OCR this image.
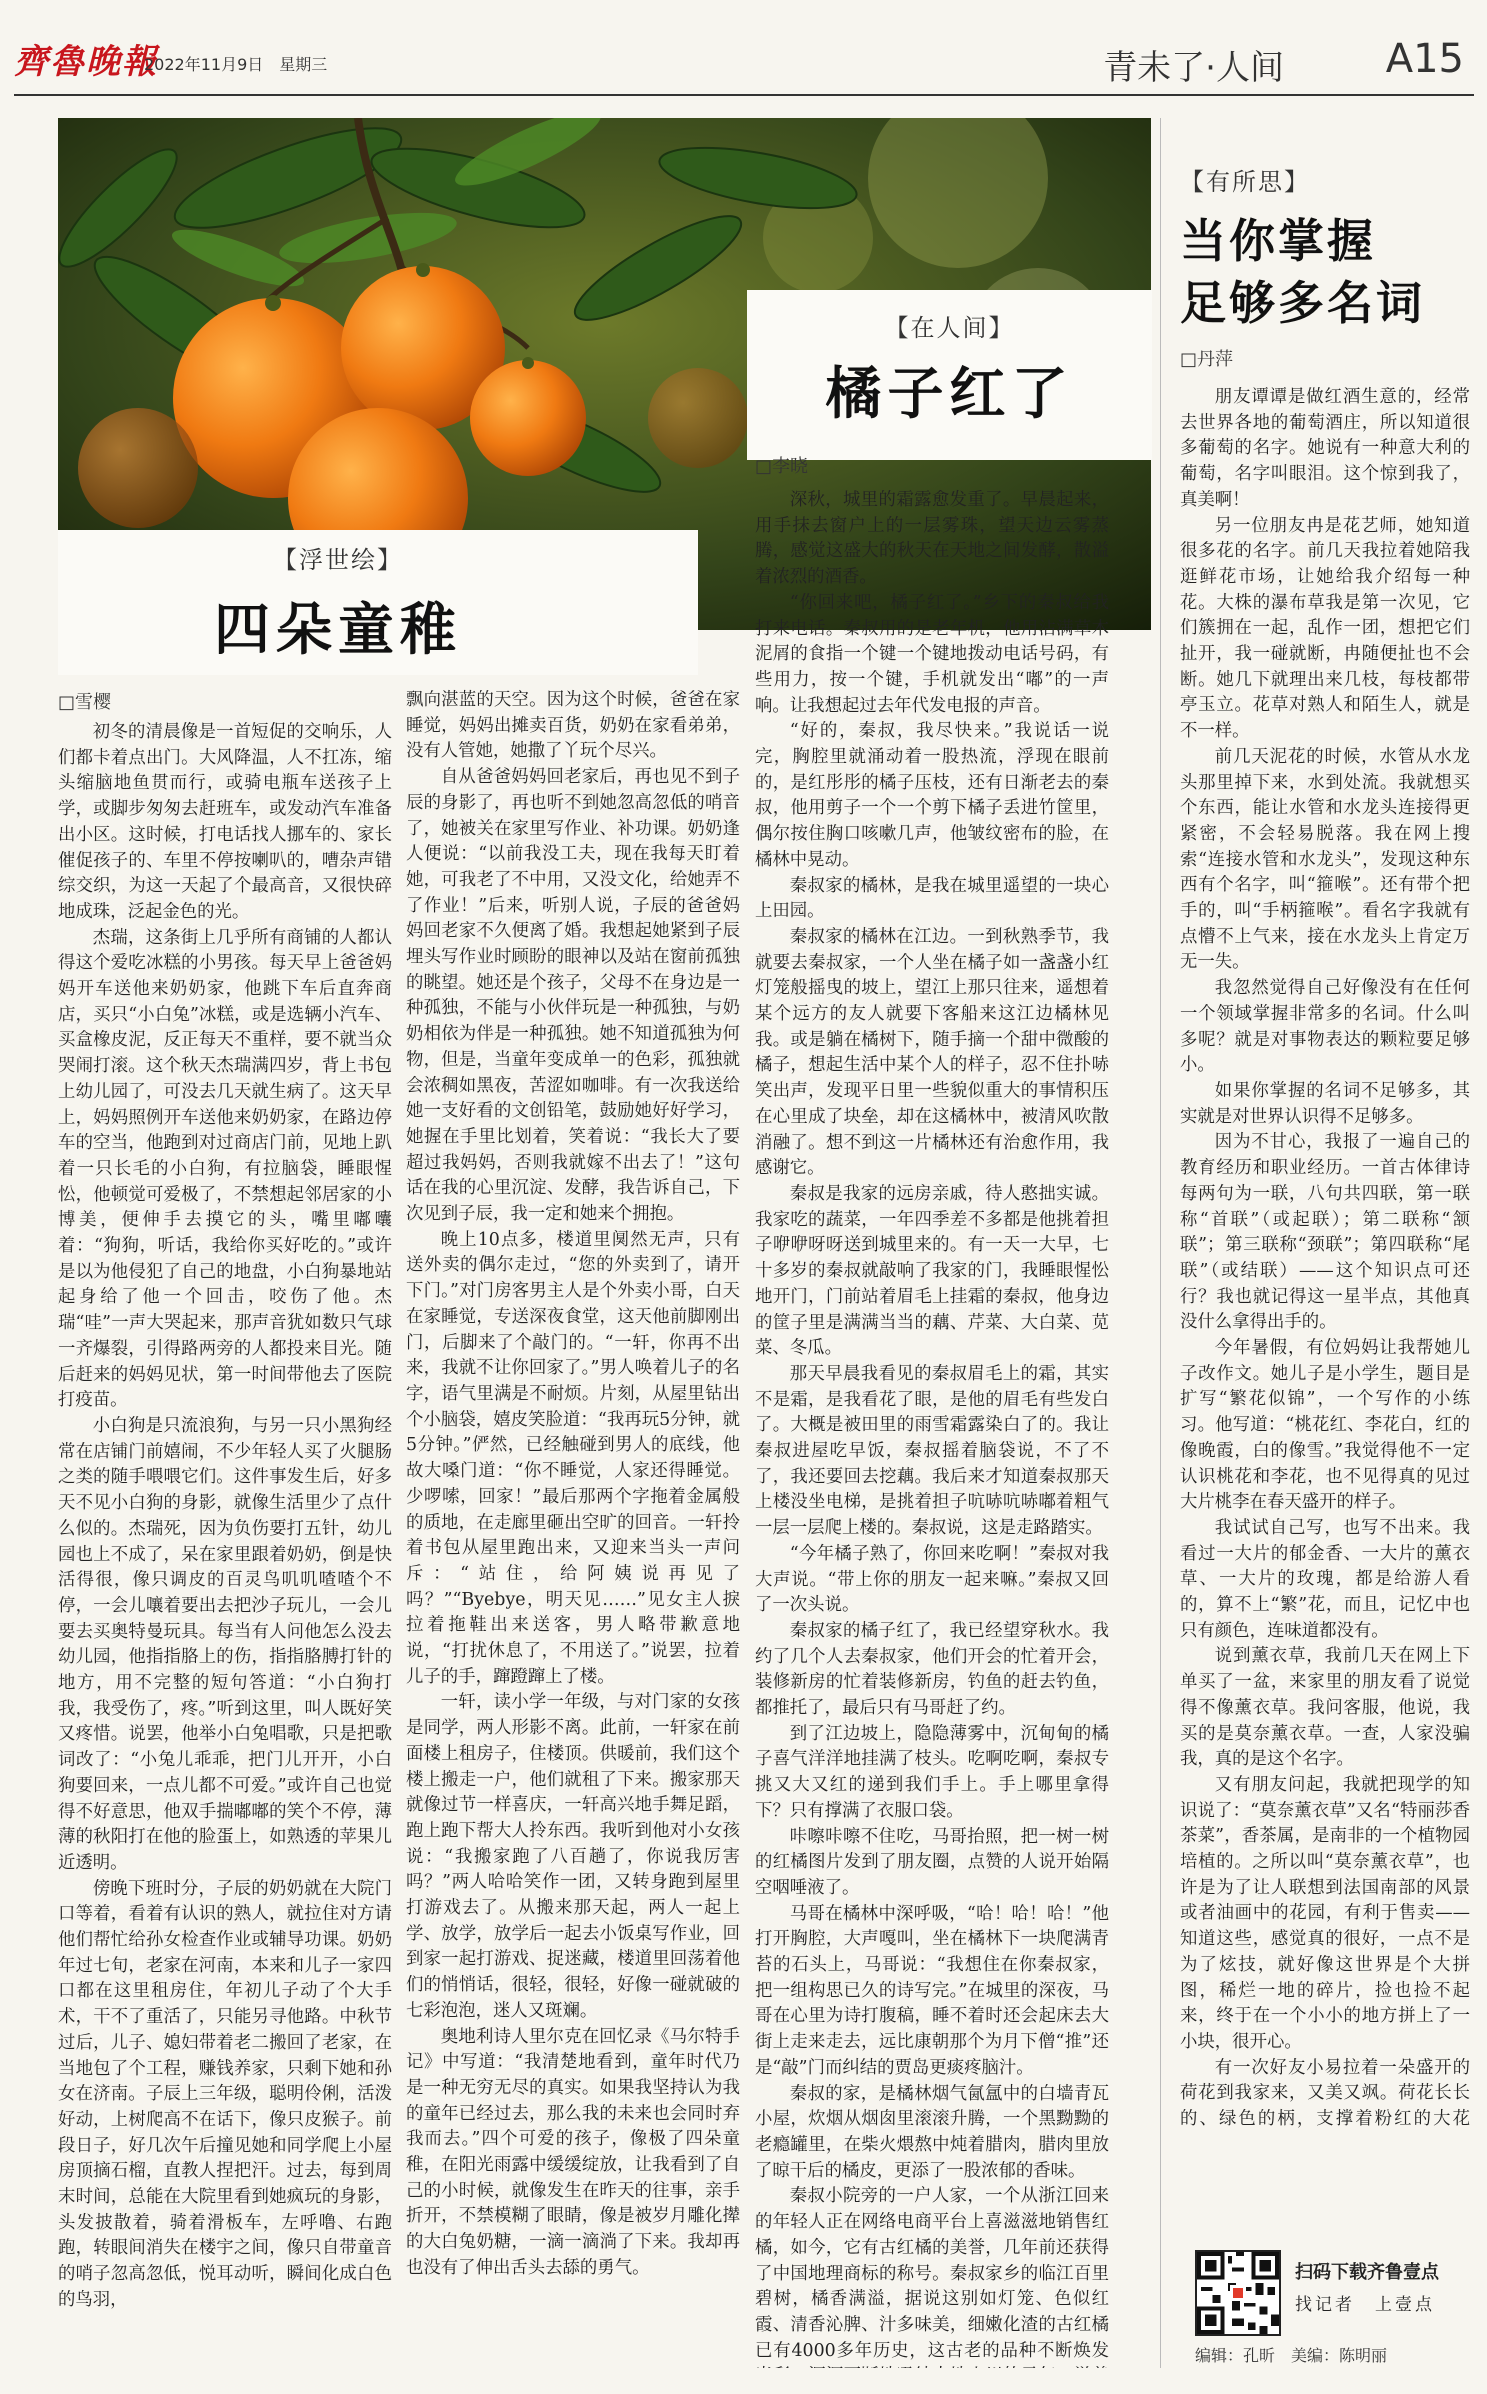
齊魯晚報
2022年11月9日　星期三	青未了·人间	A15
【浮世绘】
四朵童稚
□雪樱

初冬的清晨像是一首短促的交响乐，人们都卡着点出门。大风降温，人不扛冻，缩头缩脑地鱼贯而行，或骑电瓶车送孩子上学，或脚步匆匆去赶班车，或发动汽车准备出小区。这时候，打电话找人挪车的、家长催促孩子的、车里不停按喇叭的，嘈杂声错综交织，为这一天起了个最高音，又很快碎地成珠，泛起金色的光。

杰瑞，这条街上几乎所有商铺的人都认得这个爱吃冰糕的小男孩。每天早上爸爸妈妈开车送他来奶奶家，他跳下车后直奔商店，买只“小白兔”冰糕，或是选辆小汽车、买盒橡皮泥，反正每天不重样，要不就当众哭闹打滚。这个秋天杰瑞满四岁，背上书包上幼儿园了，可没去几天就生病了。这天早上，妈妈照例开车送他来奶奶家，在路边停车的空当，他跑到对过商店门前，见地上趴着一只长毛的小白狗，有拉脑袋，睡眼惺忪，他顿觉可爱极了，不禁想起邻居家的小博美，便伸手去摸它的头，嘴里嘟囔着：“狗狗，听话，我给你买好吃的。”或许是以为他侵犯了自己的地盘，小白狗暴地站起身给了他一个回击，咬伤了他。杰瑞“哇”一声大哭起来，那声音犹如数只气球一齐爆裂，引得路两旁的人都投来目光。随后赶来的妈妈见状，第一时间带他去了医院打疫苗。

小白狗是只流浪狗，与另一只小黑狗经常在店铺门前嬉闹，不少年轻人买了火腿肠之类的随手喂喂它们。这件事发生后，好多天不见小白狗的身影，就像生活里少了点什么似的。杰瑞死，因为负伤要打五针，幼儿园也上不成了，呆在家里跟着奶奶，倒是快活得很，像只调皮的百灵鸟叽叽喳喳个不停，一会儿嚷着要出去把沙子玩儿，一会儿要去买奥特曼玩具。每当有人问他怎么没去幼儿园，他指指胳上的伤，指指胳膊打针的地方，用不完整的短句答道：“小白狗打我，我受伤了，疼。”听到这里，叫人既好笑又疼惜。说罢，他举小白兔唱歌，只是把歌词改了：“小兔儿乖乖，把门儿开开，小白狗要回来，一点儿都不可爱。”或许自己也觉得不好意思，他双手揣嘟嘟的笑个不停，薄薄的秋阳打在他的脸蛋上，如熟透的苹果儿近透明。

傍晚下班时分，子辰的奶奶就在大院门口等着，看着有认识的熟人，就拉住对方请他们帮忙给孙女检查作业或辅导功课。奶奶年过七旬，老家在河南，本来和儿子一家四口都在这里租房住，年初儿子动了个大手术，干不了重活了，只能另寻他路。中秋节过后，儿子、媳妇带着老二搬回了老家，在当地包了个工程，赚钱养家，只剩下她和孙女在济南。子辰上三年级，聪明伶俐，活泼好动，上树爬高不在话下，像只皮猴子。前段日子，好几次午后撞见她和同学爬上小屋房顶摘石榴，直教人捏把汗。过去，每到周末时间，总能在大院里看到她疯玩的身影，头发披散着，骑着滑板车，左呼噜、右跑跑，转眼间消失在楼宇之间，像只自带童音的哨子忽高忽低，悦耳动听，瞬间化成白色的鸟羽，

飘向湛蓝的天空。因为这个时候，爸爸在家睡觉，妈妈出摊卖百货，奶奶在家看弟弟，没有人管她，她撒了丫玩个尽兴。

自从爸爸妈妈回老家后，再也见不到子辰的身影了，再也听不到她忽高忽低的哨音了，她被关在家里写作业、补功课。奶奶逢人便说：“以前我没工夫，现在我每天盯着她，可我老了不中用，又没文化，给她弄不了作业！”后来，听别人说，子辰的爸爸妈妈回老家不久便离了婚。我想起她紧到子辰埋头写作业时顾盼的眼神以及站在窗前孤独的眺望。她还是个孩子，父母不在身边是一种孤独，不能与小伙伴玩是一种孤独，与奶奶相依为伴是一种孤独。她不知道孤独为何物，但是，当童年变成单一的色彩，孤独就会浓稠如黑夜，苦涩如咖啡。有一次我送给她一支好看的文创铅笔，鼓励她好好学习，她握在手里比划着，笑着说：“我长大了要超过我妈妈，否则我就嫁不出去了！”这句话在我的心里沉淀、发酵，我告诉自己，下次见到子辰，我一定和她来个拥抱。

晚上10点多，楼道里阒然无声，只有送外卖的偶尔走过，“您的外卖到了，请开下门。”对门房客男主人是个外卖小哥，白天在家睡觉，专送深夜食堂，这天他前脚刚出门，后脚来了个敲门的。“一轩，你再不出来，我就不让你回家了。”男人唤着儿子的名字，语气里满是不耐烦。片刻，从屋里钻出个小脑袋，嬉皮笑脸道：“我再玩5分钟，就5分钟。”俨然，已经触碰到男人的底线，他故大嗓门道：“你不睡觉，人家还得睡觉。少啰嗦，回家！”最后那两个字拖着金属般的质地，在走廊里砸出空旷的回音。一轩拎着书包从屋里跑出来，又迎来当头一声问斥：“站住，给阿姨说再见了吗？”“Byebye，明天见……”见女主人捩拉着拖鞋出来送客，男人略带歉意地说，“打扰休息了，不用送了。”说罢，拉着儿子的手，蹿蹬蹿上了楼。

一轩，读小学一年级，与对门家的女孩是同学，两人形影不离。此前，一轩家在前面楼上租房子，住楼顶。供暖前，我们这个楼上搬走一户，他们就租了下来。搬家那天就像过节一样喜庆，一轩高兴地手舞足蹈，跑上跑下帮大人拎东西。我听到他对小女孩说：“我搬家跑了八百趟了，你说我厉害吗？”两人哈哈笑作一团，又转身跑到屋里打游戏去了。从搬来那天起，两人一起上学、放学，放学后一起去小饭桌写作业，回到家一起打游戏、捉迷藏，楼道里回荡着他们的悄悄话，很轻，很轻，好像一碰就破的七彩泡泡，迷人又斑斓。

奥地利诗人里尔克在回忆录《马尔特手记》中写道：“我清楚地看到，童年时代乃是一种无穷无尽的真实。如果我坚持认为我的童年已经过去，那么我的未来也会同时弃我而去。”四个可爱的孩子，像极了四朵童稚，在阳光雨露中缓缓绽放，让我看到了自己的小时候，就像发生在昨天的往事，亲手折开，不禁模糊了眼睛，像是被岁月雕化撵的大白兔奶糖，一滴一滴淌了下来。我却再也没有了伸出舌头去舔的勇气。

【在人间】
橘子红了
□李晓

深秋，城里的霜露愈发重了。早晨起来，用手抹去窗户上的一层雾珠，望天边云雾蒸腾，感觉这盛大的秋天在天地之间发酵，散溢着浓烈的酒香。

“你回来吧，橘子红了。”乡下的秦叔给我打来电话。秦叔用的是老年机，他用沾满草木泥屑的食指一个键一个键地拨动电话号码，有些用力，按一个键，手机就发出“嘟”的一声响。让我想起过去年代发电报的声音。

“好的，秦叔，我尽快来。”我说话一说完，胸腔里就涌动着一股热流，浮现在眼前的，是红彤彤的橘子压枝，还有日渐老去的秦叔，他用剪子一个一个剪下橘子丢进竹筐里，偶尔按住胸口咳嗽几声，他皱纹密布的脸，在橘林中晃动。

秦叔家的橘林，是我在城里遥望的一块心上田园。

秦叔家的橘林在江边。一到秋熟季节，我就要去秦叔家，一个人坐在橘子如一盏盏小红灯笼般摇曳的坡上，望江上那只往来，遥想着某个远方的友人就要下客船来这江边橘林见我。或是躺在橘树下，随手摘一个甜中微酸的橘子，想起生活中某个人的样子，忍不住扑哧笑出声，发现平日里一些貌似重大的事情积压在心里成了块垒，却在这橘林中，被清风吹散消融了。想不到这一片橘林还有治愈作用，我感谢它。

秦叔是我家的远房亲戚，待人憨拙实诚。我家吃的蔬菜，一年四季差不多都是他挑着担子咿咿呀呀送到城里来的。有一天一大早，七十多岁的秦叔就敲响了我家的门，我睡眼惺忪地开门，门前站着眉毛上挂霜的秦叔，他身边的筐子里是满满当当的藕、芹菜、大白菜、苋菜、冬瓜。

那天早晨我看见的秦叔眉毛上的霜，其实不是霜，是我看花了眼，是他的眉毛有些发白了。大概是被田里的雨雪霜露染白了的。我让秦叔进屋吃早饭，秦叔摇着脑袋说，不了不了，我还要回去挖藕。我后来才知道秦叔那天上楼没坐电梯，是挑着担子吭哧吭哧嘟着粗气一层一层爬上楼的。秦叔说，这是走路踏实。

“今年橘子熟了，你回来吃啊！”秦叔对我大声说。“带上你的朋友一起来嘛。”秦叔又回了一次头说。

秦叔家的橘子红了，我已经望穿秋水。我约了几个人去秦叔家，他们开会的忙着开会，装修新房的忙着装修新房，钓鱼的赶去钓鱼，都推托了，最后只有马哥赶了约。

到了江边坡上，隐隐薄雾中，沉甸甸的橘子喜气洋洋地挂满了枝头。吃啊吃啊，秦叔专挑又大又红的递到我们手上。手上哪里拿得下？只有撑满了衣服口袋。

咔嚓咔嚓不住吃，马哥抬照，把一树一树的红橘图片发到了朋友圈，点赞的人说开始隔空咽唾液了。

马哥在橘林中深呼吸，“哈！哈！哈！”他打开胸腔，大声嘎叫，坐在橘林下一块爬满青苔的石头上，马哥说：“我想住在你秦叔家，把一组构思已久的诗写完。”在城里的深夜，马哥在心里为诗打腹稿，睡不着时还会起床去大街上走来走去，远比康朝那个为月下僧“推”还是“敲”门而纠结的贾岛更痰疼脑汁。

秦叔的家，是橘林烟气氤氲中的白墙青瓦小屋，炊烟从烟囱里滚滚升腾，一个黑黝黝的老瘾罐里，在柴火煨熬中炖着腊肉，腊肉里放了晾干后的橘皮，更添了一股浓郁的香味。

秦叔小院旁的一户人家，一个从浙江回来的年轻人正在网络电商平台上喜滋滋地销售红橘，如今，它有古红橘的美誉，几年前还获得了中国地理商标的称号。秦叔家乡的临江百里碧树，橘香满溢，据说这别如灯笼、色似红霞、清香沁脾、汁多味美，细嫩化渣的古红橘已有4000多年历史，这古老的品种不断焕发

【有所思】
当你掌握
足够多名词
□丹萍

朋友谭谭是做红酒生意的，经常去世界各地的葡萄酒庄，所以知道很多葡萄的名字。她说有一种意大利的葡萄，名字叫眼泪。这个惊到我了，真美啊！

另一位朋友冉是花艺师，她知道很多花的名字。前几天我拉着她陪我逛鲜花市场，让她给我介绍每一种花。大株的瀑布草我是第一次见，它们簇拥在一起，乱作一团，想把它们扯开，我一碰就断，冉随便扯也不会断。她几下就理出来几枝，每枝都带亭玉立。花草对熟人和陌生人，就是不一样。

前几天泥花的时候，水管从水龙头那里掉下来，水到处流。我就想买个东西，能让水管和水龙头连接得更紧密，不会轻易脱落。我在网上搜索“连接水管和水龙头”，发现这种东西有个名字，叫“箍喉”。还有带个把手的，叫“手柄箍喉”。看名字我就有点懵不上气来，接在水龙头上肯定万无一失。

我忽然觉得自己好像没有在任何一个领域掌握非常多的名词。什么叫多呢？就是对事物表达的颗粒要足够小。

如果你掌握的名词不足够多，其实就是对世界认识得不足够多。

因为不甘心，我报了一遍自己的教育经历和职业经历。一首古体律诗每两句为一联，八句共四联，第一联称“首联”（或起联）；第二联称“颔联”；第三联称“颈联”；第四联称“尾联”（或结联）——这个知识点可还行？我也就记得这一星半点，其他真没什么拿得出手的。

今年暑假，有位妈妈让我帮她儿子改作文。她儿子是小学生，题目是扩写“繁花似锦”，一个写作的小练习。他写道：“桃花红、李花白，红的像晚霞，白的像雪。”我觉得他不一定认识桃花和李花，也不见得真的见过大片桃李在春天盛开的样子。

我试试自己写，也写不出来。我看过一大片的郁金香、一大片的薰衣草、一大片的玫瑰，都是给游人看的，算不上“繁”花，而且，记忆中也只有颜色，连味道都没有。

说到薰衣草，我前几天在网上下单买了一盆，来家里的朋友看了说觉得不像薰衣草。我问客服，他说，我买的是莫奈薰衣草。一查，人家没骗我，真的是这个名字。

又有朋友问起，我就把现学的知识说了：“莫奈薰衣草”又名“特丽莎香茶菜”，香茶属，是南非的一个植物园培植的。之所以叫“莫奈薰衣草”，也许是为了让人联想到法国南部的风景或者油画中的花园，有利于售卖——知道这些，感觉真的很好，一点不是为了炫技，就好像这世界是个大拼图，稀烂一地的碎片，捡也捡不起来，终于在一个小小的地方拼上了一小块，很开心。

有一次好友小易拉着一朵盛开的荷花到我家来，又美又飒。荷花长长的、绿色的柄，支撑着粉红的大花

扫码下载齐鲁壹点
找记者　上壹点
编辑：孔昕　美编：陈明丽
